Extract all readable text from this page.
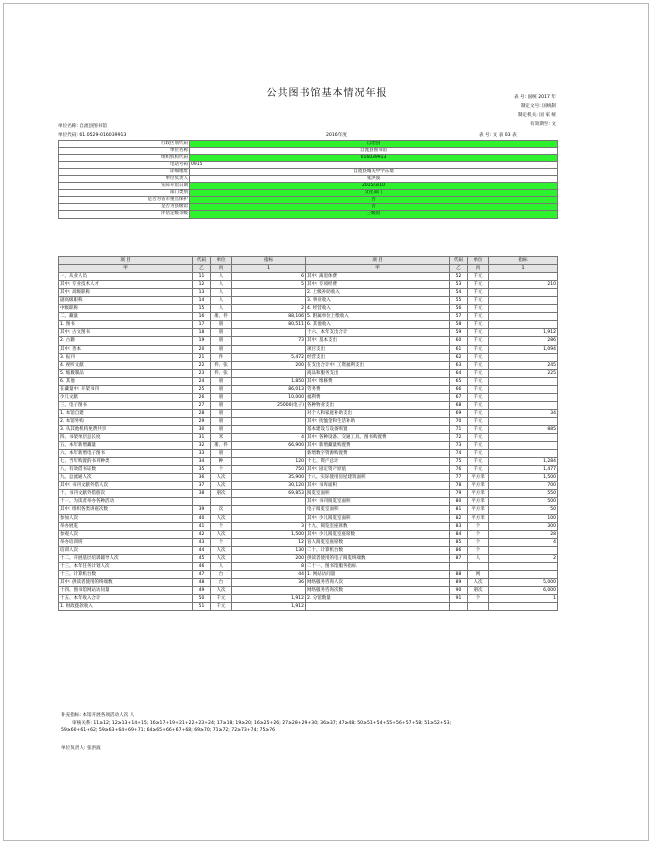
公共图书馆基本情况年报	表 号: 国统 2017 年
制定文号: 国统制
制定机关: 国 家 统
有效期至: 文
单位名称: 自流县图书馆
单位代码: 61.0529-016039913	2016年度	表 号: 文 表 03 表
行政区划代码	自治县	
单位名称	自流县图书馆	
组织机构代码	016039913			
电话号码	0915					
详细地址	自流县城关中学东墙	
单位负责人	张洪波			
实际开馆日期	2015/3/10			
部门类别	文化部门			
是否为省市重点保护	否			
是否为县级馆	否			
评估定级等级	三级馆			
项 目	代码	单位	指标	项 目	代码	单位	指标
甲	乙	丙	1	甲	乙	丙	1
一、从业人员	11	人	6	其中: 离退休费	52	千元	
其中: 专业技术人才	12	人	5	其中: 专项经费	53	千元	210
其中: 高级职称	13	人		2. 上级补助收入	54	千元	
副高级职称	14	人		3. 事业收入	55	千元	
中级职称	15	人	2	4. 经营收入	56	千元	
二、藏量	16	册、件	88,106	5. 附属单位上缴收入	57	千元	
1. 图书	17	册	80,511	6. 其他收入	58	千元	
其中: 古文图书	18	册		十六、本年支出合计	59	千元	1,912
2. 古籍	19	册	73	其中: 基本支出	60	千元	286
其中: 善本	20	册		项目支出	61	千元	1,094
3. 报刊	21	件	5,472	经营支出	62	千元	
4. 视听文献	22	件、张	200	在支出合计中: 工资福利支出	63	千元	245
5. 缩微制品	23	件、张		商品和服务支出	64	千元	225
6. 其他	24	册	1,850	其中: 维修费	65	千元	
在藏量中: 开架书刊	25	册	86,013	劳务费	66	千元	
少儿文献	26	册	10,000	福利费	67	千元	
三、电子图书	27	册	25000(电子)	各种物业支出	68	千元	
1. 本馆自建	28	册		对个人和家庭补助支出	69	千元	34
2. 本馆外购	29	册		其中: 抚恤金和生活补助	70	千元	
3. 从其他机构免费共享	30	册		基本建设与设备购置	71	千元	885
四、书架单层总长度	31	米	4	其中: 各种设备、交通工具、图书购置费	72	千元	
五、本年新增藏量	32	册、件	66,900	其中: 新增藏量购置费	73	千元	
六、本年新增电子图书	33	册		新增数字资源购置费	74	千元	
七、当年购置的书刊种类	34	种	120	十七、资产总计	75	千元	1,284
八、有效借书证数	35	个	750	其中: 固定资产原值	76	千元	1,477
九、总流通人次	36	人次	35,900	十八、实际使用房屋建筑面积	77	平方米	1,500
其中: 书刊文献外借人次	37	人次	30,120	其中: 书库面积	78	平方米	700
十、书刊文献外借册次	38	册次	69,853	阅览室面积	79	平方米	550
十一、为读者举办各种活动				其中: 书刊阅览室面积	80	平方米	500
其中: 组织各类讲座次数	39	次		电子阅览室面积	81	平方米	50
参加人次	40	人次		其中: 少儿阅览室面积	82	平方米	100
举办展览	41	个	3	十九、阅览室座席数	83	个	300
参观人次	42	人次	1,500	其中: 少儿阅览室座席数	84	个	28
举办培训班	43	个	12	盲人阅览室座席数	85	个	4
培训人次	44	人次	130	二十、计算机台数	86	个	
十二、开展基层培训辅导人次	45	人次	200	供读者使用的电子阅览终端数	87	人	2
十三、本年任务计划人次	46	人	8	二十一、图书馆服务指标			
十三、计算机台数	47	台	44	1. 网站访问量	88	网	
其中: 供读者使用的终端数	48	台	36	网络服务咨询人次	89	人次	5,000
十四、图书馆网站访问量	49	人次		网络服务咨询次数	90	册次	6,000
十五、本年收入合计	50	千元	1,912	2. 分馆数量	91	个	1
1. 财政拨款收入	51	千元	1,912				
补充指标: 本馆开展各项活动人次 人
审核关系: 11≥12; 12≥13+14+15; 16≥17+19+21+22+23+24; 17≥18; 19≥20; 16≥25+26; 27≥28+29+30; 36≥37; 47≥48; 50≥51+54+55+56+57+58; 51≥52+53;
59≥60+61+62; 59≥63+64+69+71; 64≥65+66+67+68; 69≥70; 71≥72; 72≥73+74; 75≥76
单位负责人: 张洪波
